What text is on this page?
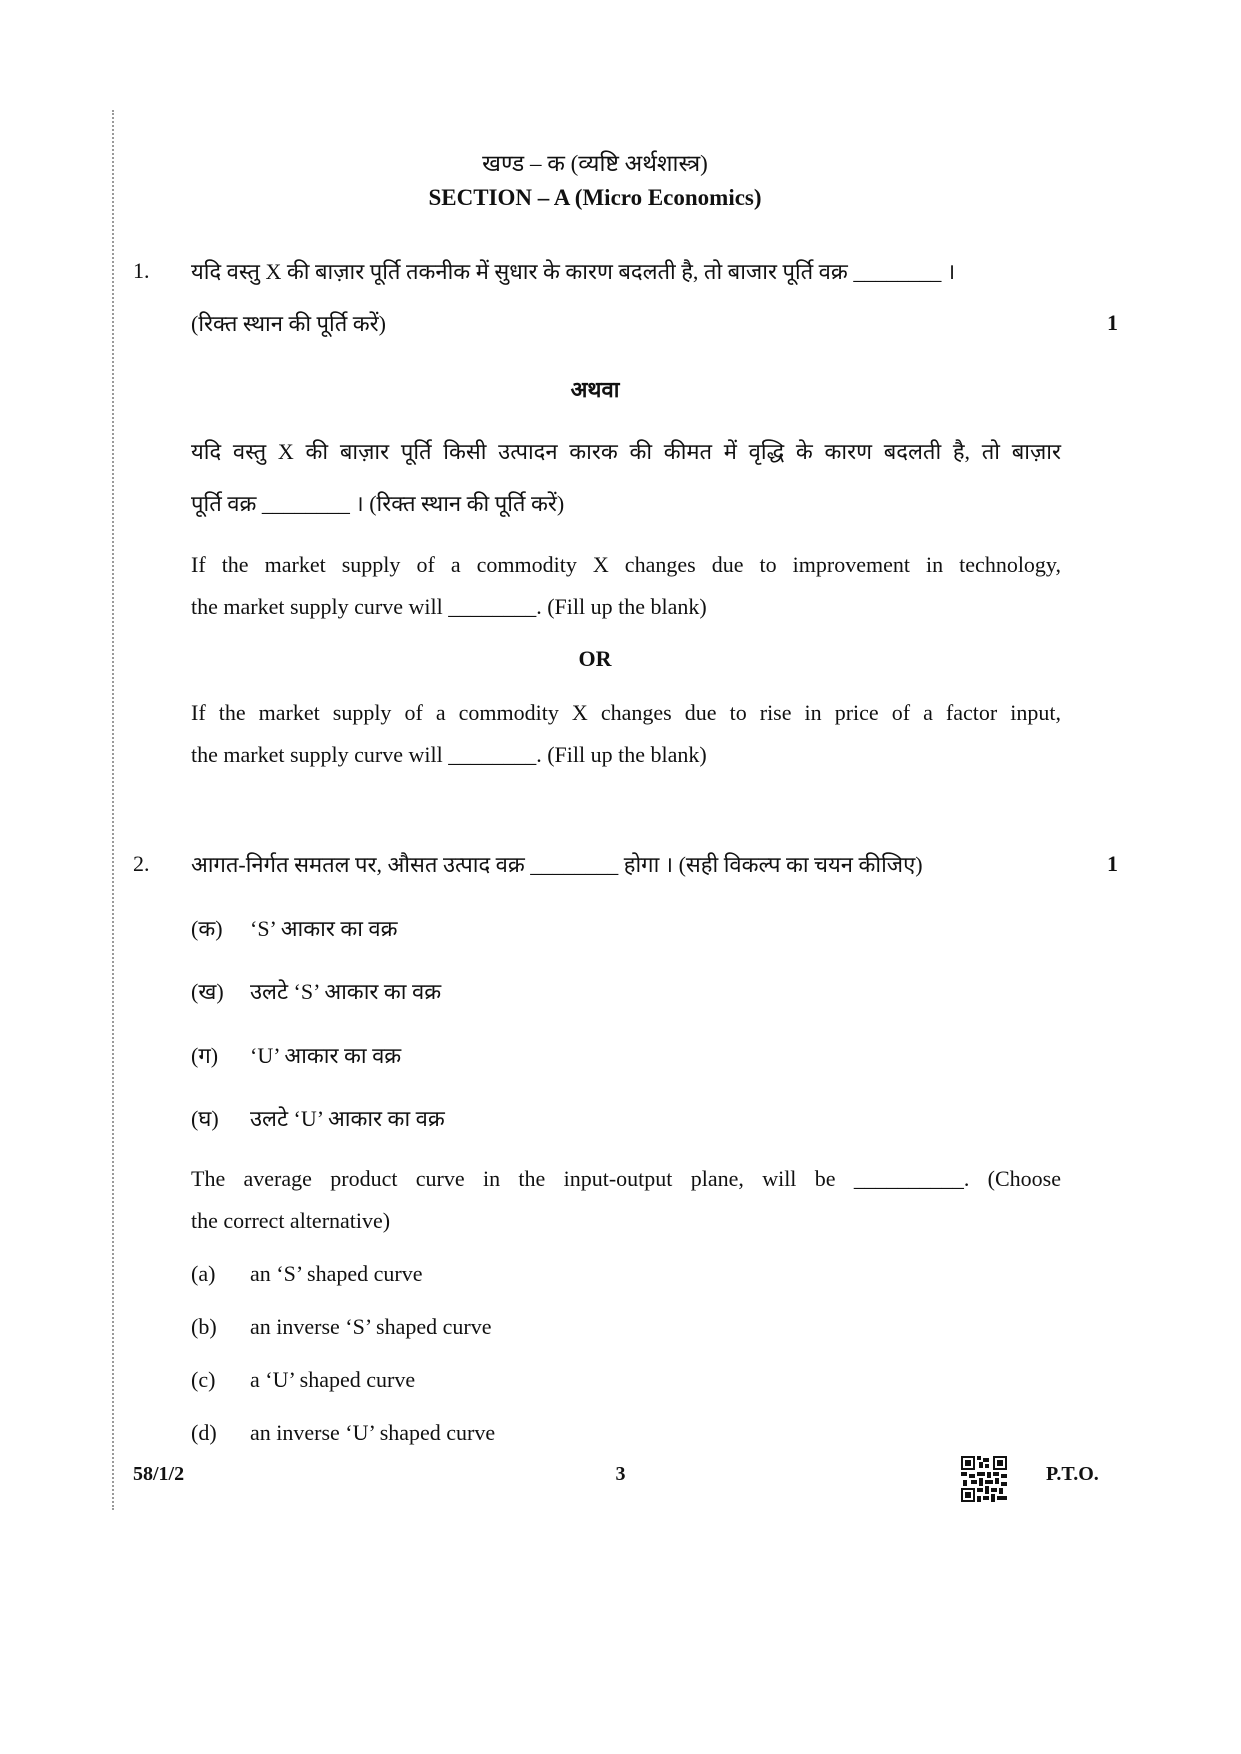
खण्ड – क (व्यष्टि अर्थशास्त्र)
SECTION – A (Micro Economics)
1. यदि वस्तु X की बाज़ार पूर्ति तकनीक में सुधार के कारण बदलती है, तो बाजार पूर्ति वक्र ________ ।
(रिक्त स्थान की पूर्ति करें)	1
अथवा
यदि वस्तु X की बाज़ार पूर्ति किसी उत्पादन कारक की कीमत में वृद्धि के कारण बदलती है, तो बाज़ार
पूर्ति वक्र ________ । (रिक्त स्थान की पूर्ति करें)
If the market supply of a commodity X changes due to improvement in technology,
the market supply curve will ________. (Fill up the blank)
OR
If the market supply of a commodity X changes due to rise in price of a factor input,
the market supply curve will ________. (Fill up the blank)
2. आगत-निर्गत समतल पर, औसत उत्पाद वक्र ________ होगा । (सही विकल्प का चयन कीजिए)	1
(क) ‘S’ आकार का वक्र
(ख) उलटे ‘S’ आकार का वक्र
(ग) ‘U’ आकार का वक्र
(घ) उलटे ‘U’ आकार का वक्र
The average product curve in the input-output plane, will be __________. (Choose
the correct alternative)
(a) an ‘S’ shaped curve
(b) an inverse ‘S’ shaped curve
(c) a ‘U’ shaped curve
(d) an inverse ‘U’ shaped curve
58/1/2	3	P.T.O.
